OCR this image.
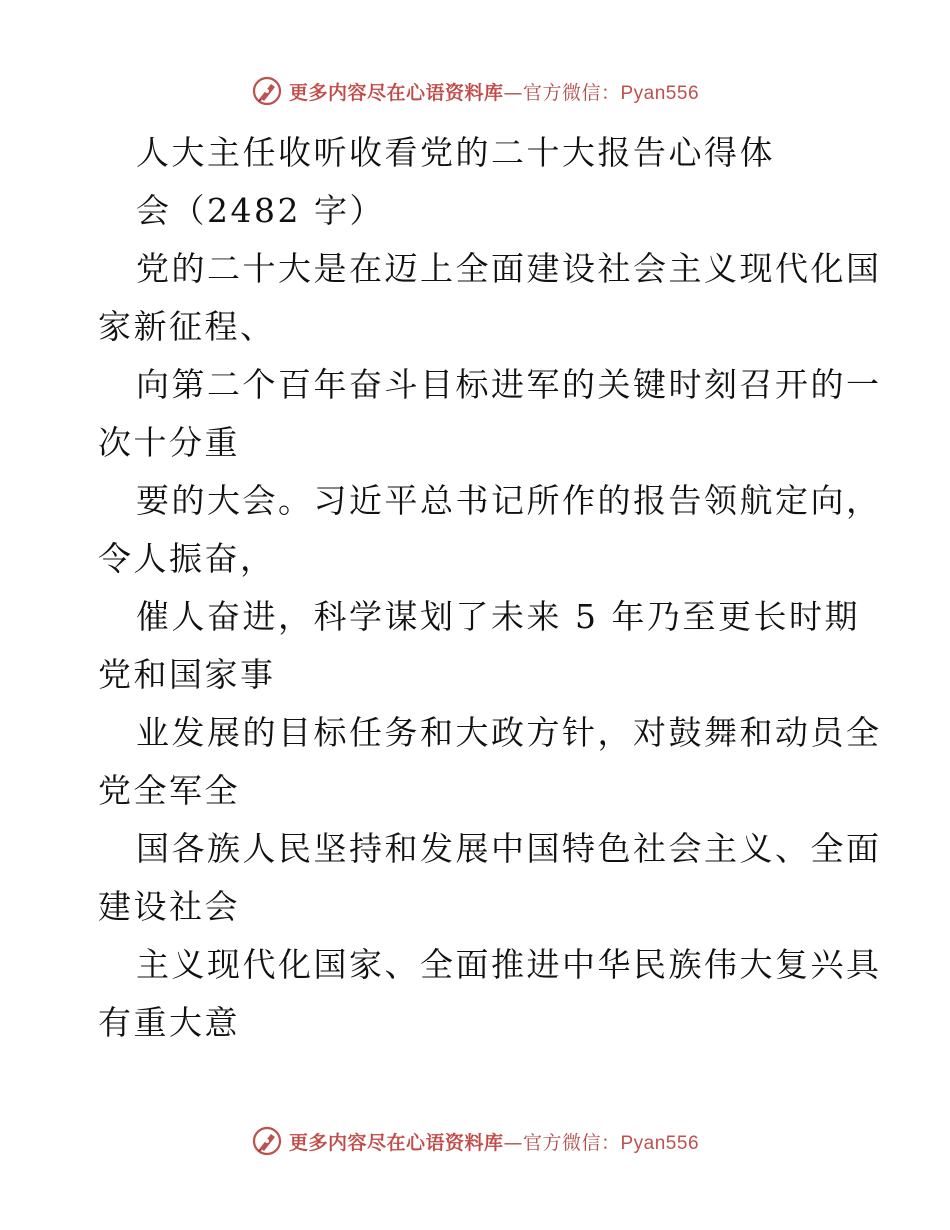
更多内容尽在心语资料库—官方微信：Pyan556
人大主任收听收看党的二十大报告心得体
会（2482 字）
党的二十大是在迈上全面建设社会主义现代化国
家新征程、
向第二个百年奋斗目标进军的关键时刻召开的一
次十分重
要的大会。习近平总书记所作的报告领航定向，
令人振奋，
催人奋进，科学谋划了未来 5 年乃至更长时期
党和国家事
业发展的目标任务和大政方针，对鼓舞和动员全
党全军全
国各族人民坚持和发展中国特色社会主义、全面
建设社会
主义现代化国家、全面推进中华民族伟大复兴具
有重大意
更多内容尽在心语资料库—官方微信：Pyan556
